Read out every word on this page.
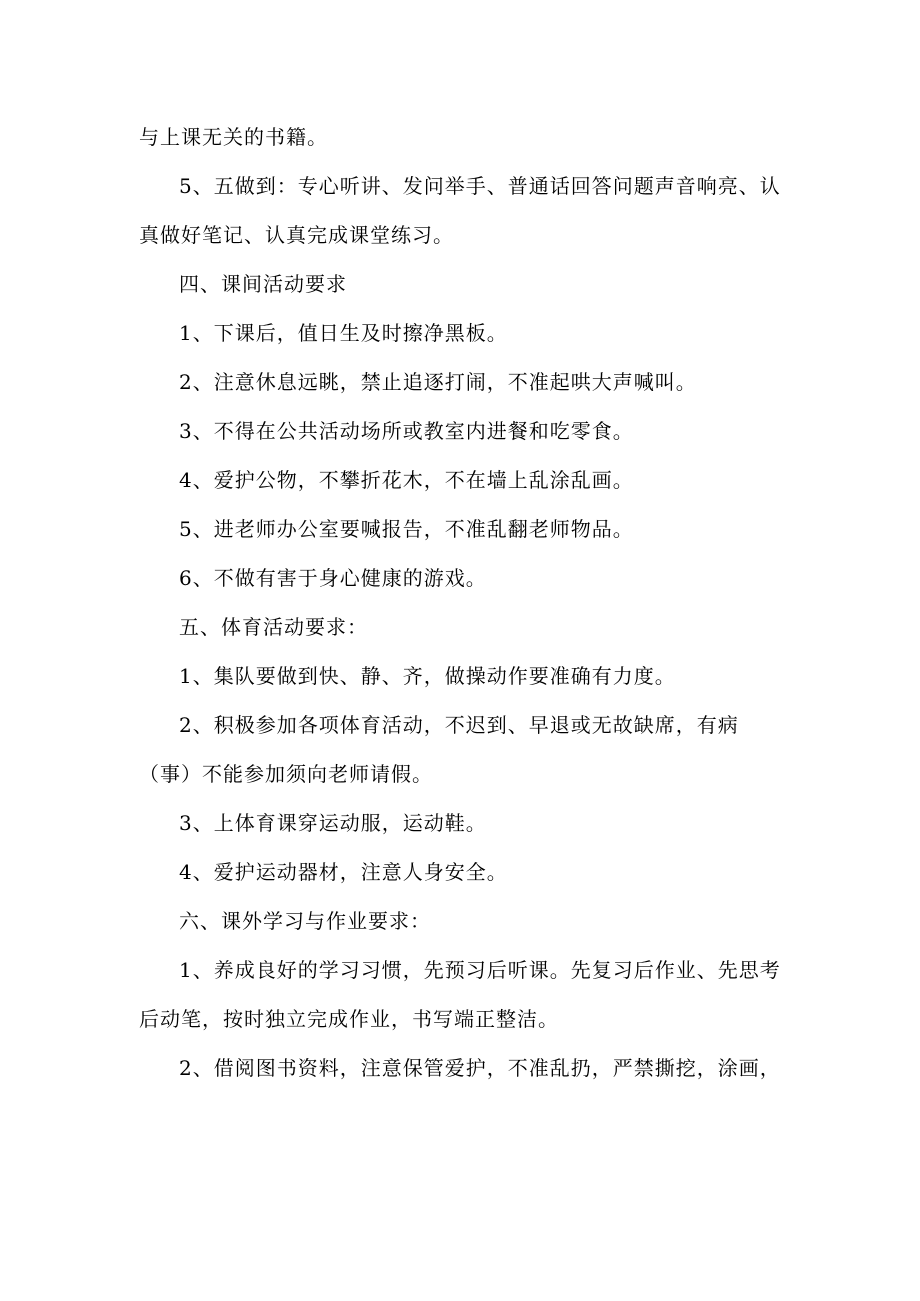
与上课无关的书籍。

5、五做到：专心听讲、发问举手、普通话回答问题声音响亮、认真做好笔记、认真完成课堂练习。

四、课间活动要求

1、下课后，值日生及时擦净黑板。

2、注意休息远眺，禁止追逐打闹，不准起哄大声喊叫。

3、不得在公共活动场所或教室内进餐和吃零食。

4、爱护公物，不攀折花木，不在墙上乱涂乱画。

5、进老师办公室要喊报告，不准乱翻老师物品。

6、不做有害于身心健康的游戏。

五、体育活动要求：

1、集队要做到快、静、齐，做操动作要准确有力度。

2、积极参加各项体育活动，不迟到、早退或无故缺席，有病（事）不能参加须向老师请假。

3、上体育课穿运动服，运动鞋。

4、爱护运动器材，注意人身安全。

六、课外学习与作业要求：

1、养成良好的学习习惯，先预习后听课。先复习后作业、先思考后动笔，按时独立完成作业，书写端正整洁。

2、借阅图书资料，注意保管爱护，不准乱扔，严禁撕挖，涂画，
